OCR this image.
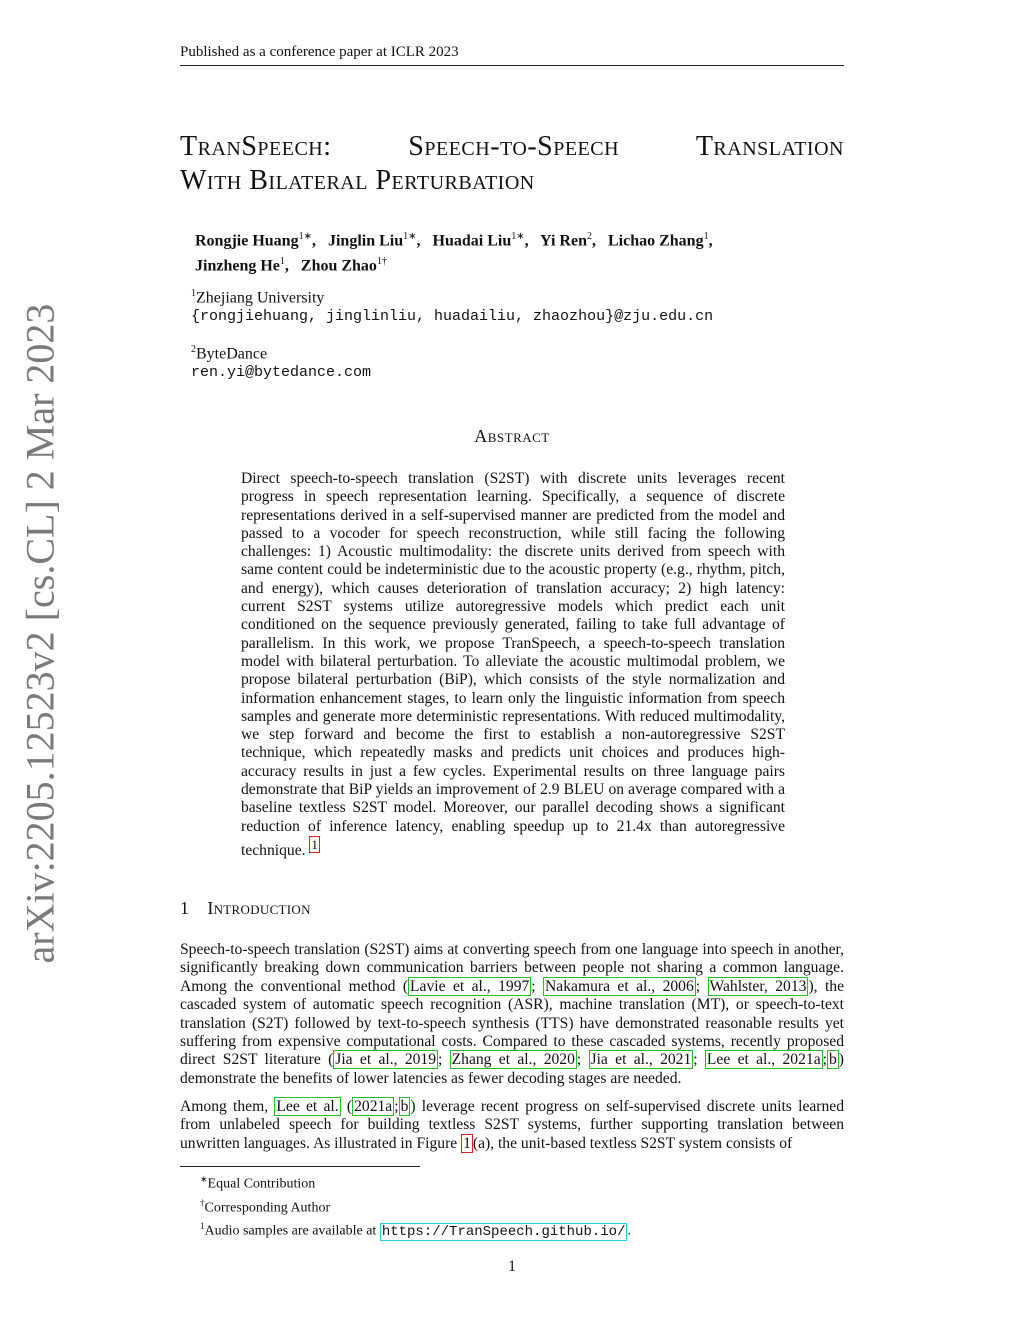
Published as a conference paper at ICLR 2023
arXiv:2205.12523v2 [cs.CL] 2 Mar 2023
TranSpeech:	Speech-to-Speech	Translation
With Bilateral Perturbation
Rongjie Huang$^{1∗}$, Jinglin Liu$^{1∗}$, Huadai Liu$^{1∗}$, Yi Ren$^2$, Lichao Zhang$^1$,
Jinzheng He$^1$, Zhou Zhao$^{1\dagger}$
$^1$Zhejiang University
{rongjiehuang, jinglinliu, huadailiu, zhaozhou}@zju.edu.cn
$^2$ByteDance
ren.yi@bytedance.com
Abstract
Direct speech-to-speech translation (S2ST) with discrete units leverages recent progress in speech representation learning. Specifically, a sequence of discrete representations derived in a self-supervised manner are predicted from the model and passed to a vocoder for speech reconstruction, while still facing the following challenges: 1) Acoustic multimodality: the discrete units derived from speech with same content could be indeterministic due to the acoustic property (e.g., rhythm, pitch, and energy), which causes deterioration of translation accuracy; 2) high latency: current S2ST systems utilize autoregressive models which predict each unit conditioned on the sequence previously generated, failing to take full advantage of parallelism. In this work, we propose TranSpeech, a speech-to-speech translation model with bilateral perturbation. To alleviate the acoustic multimodal problem, we propose bilateral perturbation (BiP), which consists of the style normalization and information enhancement stages, to learn only the linguistic information from speech samples and generate more deterministic representations. With reduced multimodality, we step forward and become the first to establish a non-autoregressive S2ST technique, which repeatedly masks and predicts unit choices and produces high-accuracy results in just a few cycles. Experimental results on three language pairs demonstrate that BiP yields an improvement of 2.9 BLEU on average compared with a baseline textless S2ST model. Moreover, our parallel decoding shows a significant reduction of inference latency, enabling speedup up to 21.4x than autoregressive technique. $^1$
1 Introduction
Speech-to-speech translation (S2ST) aims at converting speech from one language into speech in another, significantly breaking down communication barriers between people not sharing a common language. Among the conventional method ( Lavie et al., 1997 ; Nakamura et al., 2006 ; Wahlster, 2013 ), the cascaded system of automatic speech recognition (ASR), machine translation (MT), or speech-to-text translation (S2T) followed by text-to-speech synthesis (TTS) have demonstrated reasonable results yet suffering from expensive computational costs. Compared to these cascaded systems, recently proposed direct S2ST literature ( Jia et al., 2019 ; Zhang et al., 2020 ; Jia et al., 2021 ; Lee et al., 2021a ; b ) demonstrate the benefits of lower latencies as fewer decoding stages are needed.
Among them, Lee et al. ( 2021a ; b ) leverage recent progress on self-supervised discrete units learned from unlabeled speech for building textless S2ST systems, further supporting translation between unwritten languages. As illustrated in Figure 1 (a), the unit-based textless S2ST system consists of
∗Equal Contribution
†Corresponding Author
$^1$Audio samples are available at https://TranSpeech.github.io/ .
1
